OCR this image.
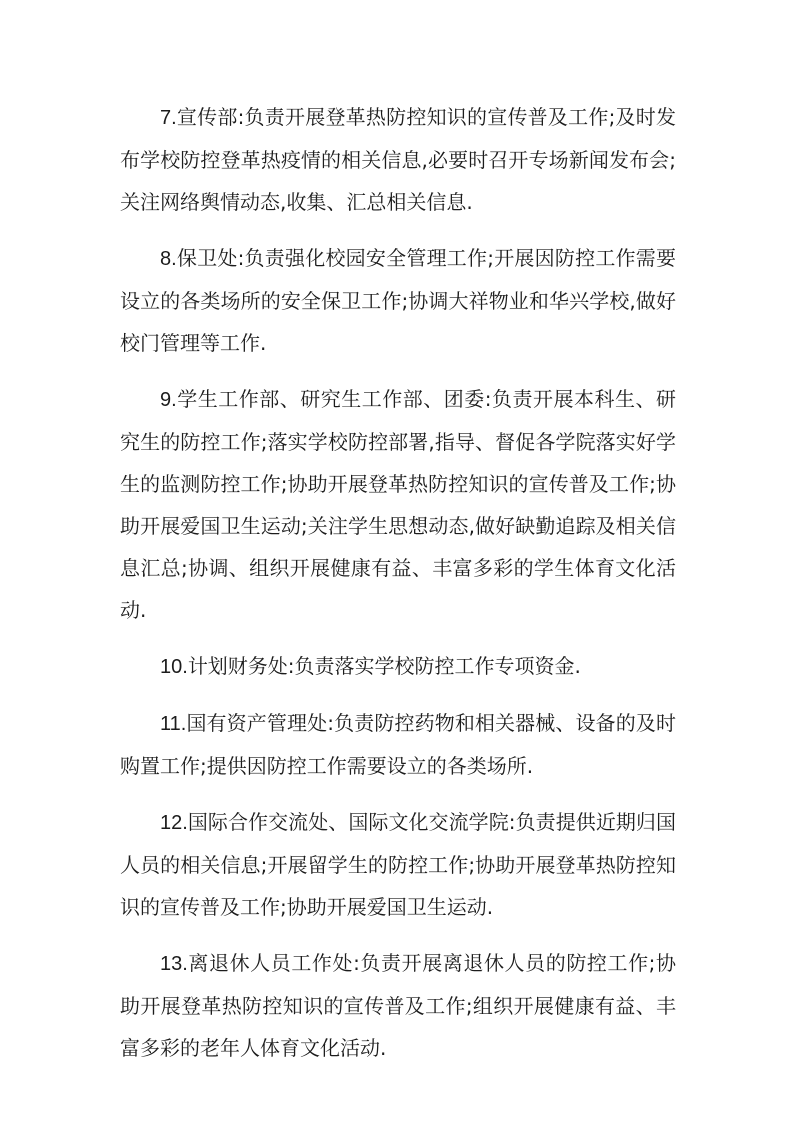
7.宣传部:负责开展登革热防控知识的宣传普及工作;及时发布学校防控登革热疫情的相关信息,必要时召开专场新闻发布会;关注网络舆情动态,收集、汇总相关信息.

8.保卫处:负责强化校园安全管理工作;开展因防控工作需要设立的各类场所的安全保卫工作;协调大祥物业和华兴学校,做好校门管理等工作.

9.学生工作部、研究生工作部、团委:负责开展本科生、研究生的防控工作;落实学校防控部署,指导、督促各学院落实好学生的监测防控工作;协助开展登革热防控知识的宣传普及工作;协助开展爱国卫生运动;关注学生思想动态,做好缺勤追踪及相关信息汇总;协调、组织开展健康有益、丰富多彩的学生体育文化活动.

10.计划财务处:负责落实学校防控工作专项资金.

11.国有资产管理处:负责防控药物和相关器械、设备的及时购置工作;提供因防控工作需要设立的各类场所.

12.国际合作交流处、国际文化交流学院:负责提供近期归国人员的相关信息;开展留学生的防控工作;协助开展登革热防控知识的宣传普及工作;协助开展爱国卫生运动.

13.离退休人员工作处:负责开展离退休人员的防控工作;协助开展登革热防控知识的宣传普及工作;组织开展健康有益、丰富多彩的老年人体育文化活动.
